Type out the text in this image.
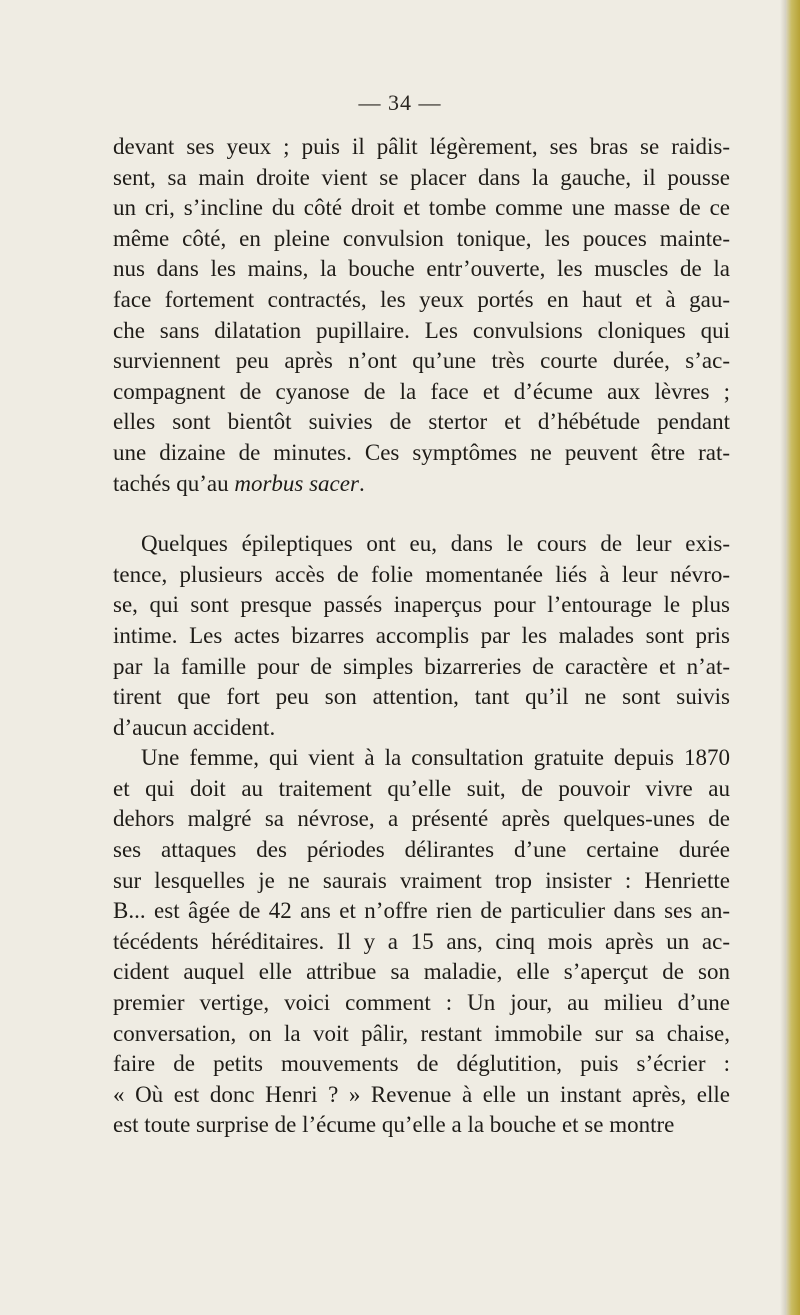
— 34 —
devant ses yeux ; puis il pâlit légèrement, ses bras se raidis-
sent, sa main droite vient se placer dans la gauche, il pousse
un cri, s’incline du côté droit et tombe comme une masse de ce
même côté, en pleine convulsion tonique, les pouces mainte-
nus dans les mains, la bouche entr’ouverte, les muscles de la
face fortement contractés, les yeux portés en haut et à gau-
che sans dilatation pupillaire. Les convulsions cloniques qui
surviennent peu après n’ont qu’une très courte durée, s’ac-
compagnent de cyanose de la face et d’écume aux lèvres ;
elles sont bientôt suivies de stertor et d’hébétude pendant
une dizaine de minutes. Ces symptômes ne peuvent être rat-
tachés qu’au morbus sacer.
Quelques épileptiques ont eu, dans le cours de leur exis-
tence, plusieurs accès de folie momentanée liés à leur névro-
se, qui sont presque passés inaperçus pour l’entourage le plus
intime. Les actes bizarres accomplis par les malades sont pris
par la famille pour de simples bizarreries de caractère et n’at-
tirent que fort peu son attention, tant qu’il ne sont suivis
d’aucun accident.
Une femme, qui vient à la consultation gratuite depuis 1870
et qui doit au traitement qu’elle suit, de pouvoir vivre au
dehors malgré sa névrose, a présenté après quelques-unes de
ses attaques des périodes délirantes d’une certaine durée
sur lesquelles je ne saurais vraiment trop insister : Henriette
B... est âgée de 42 ans et n’offre rien de particulier dans ses an-
técédents héréditaires. Il y a 15 ans, cinq mois après un ac-
cident auquel elle attribue sa maladie, elle s’aperçut de son
premier vertige, voici comment : Un jour, au milieu d’une
conversation, on la voit pâlir, restant immobile sur sa chaise,
faire de petits mouvements de déglutition, puis s’écrier :
« Où est donc Henri ? » Revenue à elle un instant après, elle
est toute surprise de l’écume qu’elle a la bouche et se montre
